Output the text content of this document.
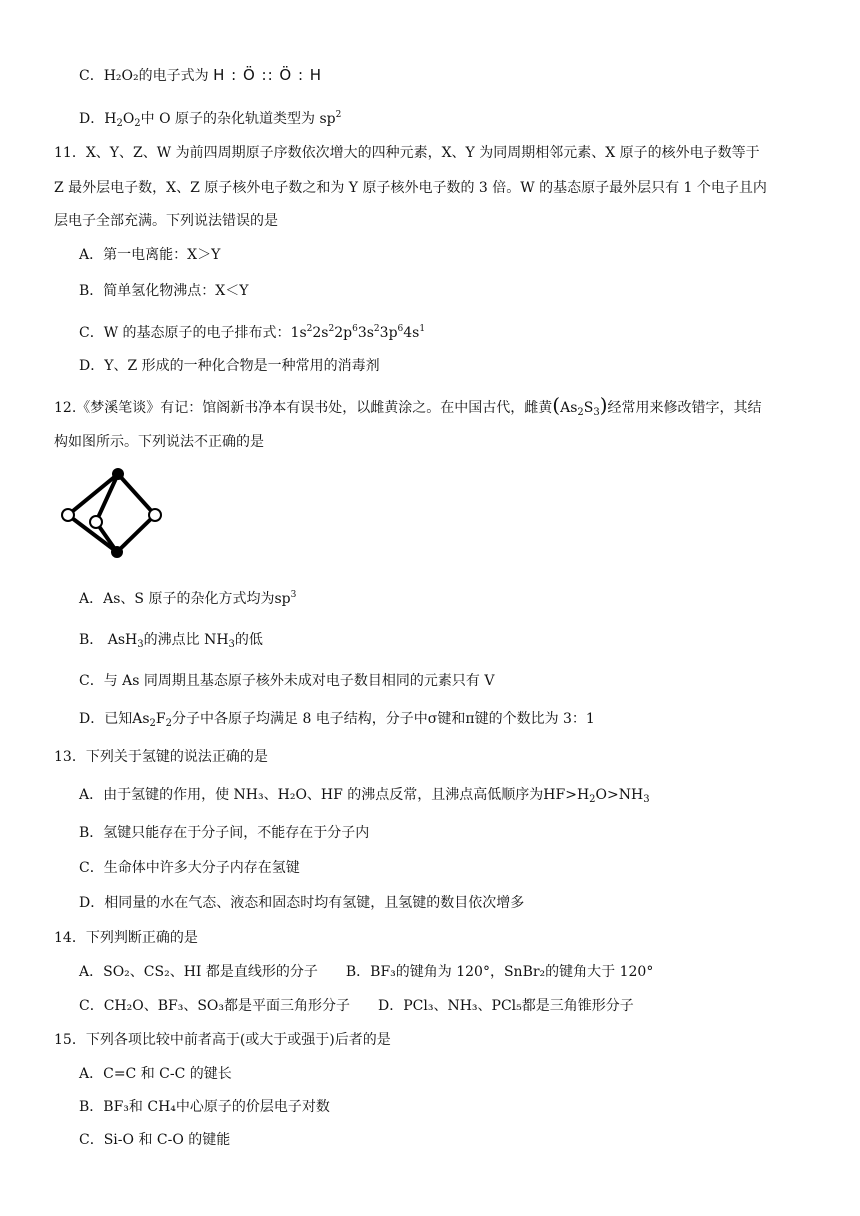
C．H₂O₂的电子式为 H : Ö :: Ö : H
D．$H_2O_2$中 O 原子的杂化轨道类型为 $sp^2$
11．X、Y、Z、W 为前四周期原子序数依次增大的四种元素，X、Y 为同周期相邻元素、X 原子的核外电子数等于
Z 最外层电子数，X、Z 原子核外电子数之和为 Y 原子核外电子数的 3 倍。W 的基态原子最外层只有 1 个电子且内
层电子全部充满。下列说法错误的是
A．第一电离能：X＞Y
B．简单氢化物沸点：X＜Y
C．W 的基态原子的电子排布式：$1s^22s^22p^63s^23p^64s^1$
D．Y、Z 形成的一种化合物是一种常用的消毒剂
12.《梦溪笔谈》有记：馆阁新书净本有误书处，以雌黄涂之。在中国古代，雌黄$(As_2S_3)$经常用来修改错字，其结
构如图所示。下列说法不正确的是
A．As、S 原子的杂化方式均为$sp^3$
B． AsH$_3$的沸点比 $NH_3$的低
C．与 As 同周期且基态原子核外未成对电子数目相同的元素只有 V
D．已知$As_2F_2$分子中各原子均满足 8 电子结构，分子中σ键和π键的个数比为 3：1
13．下列关于氢键的说法正确的是
A．由于氢键的作用，使 NH₃、H₂O、HF 的沸点反常，且沸点高低顺序为$HF>H_2O>NH_3$
B．氢键只能存在于分子间，不能存在于分子内
C．生命体中许多大分子内存在氢键
D．相同量的水在气态、液态和固态时均有氢键，且氢键的数目依次增多
14．下列判断正确的是
A．SO₂、CS₂、HI 都是直线形的分子　　B．BF₃的键角为 120°，SnBr₂的键角大于 120°
C．CH₂O、BF₃、SO₃都是平面三角形分子　　D．PCl₃、NH₃、PCl₅都是三角锥形分子
15．下列各项比较中前者高于(或大于或强于)后者的是
A．C=C 和 C-C 的键长
B．BF₃和 CH₄中心原子的价层电子对数
C．Si-O 和 C-O 的键能
